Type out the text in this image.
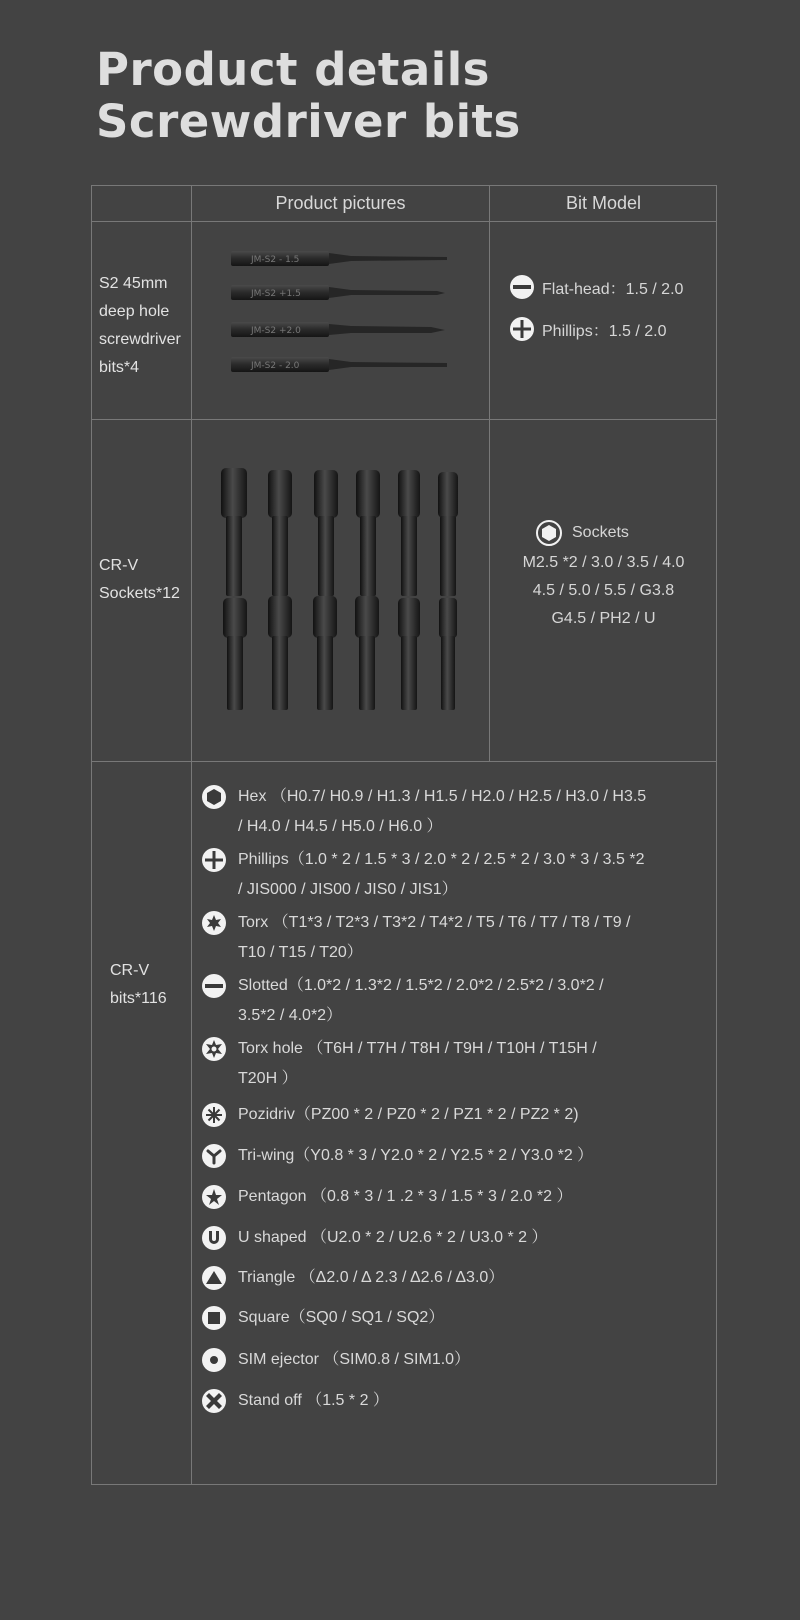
Product details
Screwdriver bits
Product pictures	Bit Model
S2 45mm
deep hole
screwdriver
bits*4
JM-S2 - 1.5
JM-S2 +1.5
JM-S2 +2.0
JM-S2 - 2.0
Flat-head：1.5 / 2.0
Phillips：1.5 / 2.0
CR-V
Sockets*12
Sockets
M2.5 *2 / 3.0 / 3.5 / 4.0
4.5 / 5.0 / 5.5 / G3.8
G4.5 / PH2 / U
CR-V
bits*116
Hex （H0.7/ H0.9 / H1.3 / H1.5 / H2.0 / H2.5 / H3.0 / H3.5
/ H4.0 / H4.5 / H5.0 / H6.0 ）
Phillips（1.0 * 2 / 1.5 * 3 / 2.0 * 2 / 2.5 * 2 / 3.0 * 3 / 3.5 *2
/ JIS000 / JIS00 / JIS0 / JIS1）
Torx （T1*3 / T2*3 / T3*2 / T4*2 / T5 / T6 / T7 / T8 / T9 /
T10 / T15 / T20）
Slotted（1.0*2 / 1.3*2 / 1.5*2 / 2.0*2 / 2.5*2 / 3.0*2 /
3.5*2 / 4.0*2）
Torx hole （T6H / T7H / T8H / T9H / T10H / T15H /
T20H ）
Pozidriv（PZ00 * 2 / PZ0 * 2 / PZ1 * 2 / PZ2 * 2)
Tri-wing（Y0.8 * 3 / Y2.0 * 2 / Y2.5 * 2 / Y3.0 *2 ）
Pentagon （0.8 * 3 / 1 .2 * 3 / 1.5 * 3 / 2.0 *2 ）
U shaped （U2.0 * 2 / U2.6 * 2 / U3.0 * 2 ）
Triangle （Δ2.0 / Δ 2.3 / Δ2.6 / Δ3.0）
Square（SQ0 / SQ1 / SQ2）
SIM ejector （SIM0.8 / SIM1.0）
Stand off （1.5 * 2 ）
